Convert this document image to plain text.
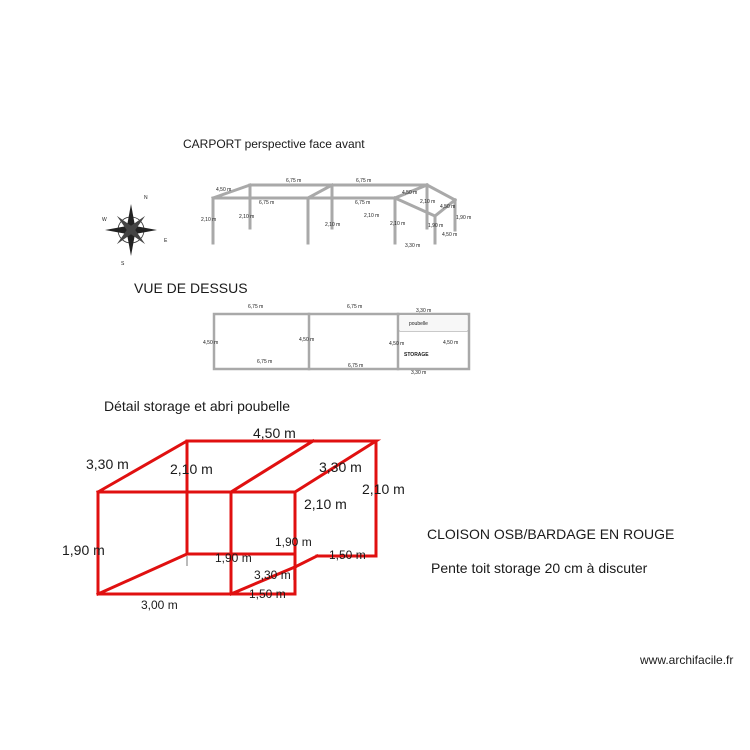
CARPORT perspective face avant
VUE DE DESSUS
Détail storage et abri poubelle
N
E
S
W
4,50 m
6,75 m	6,75 m
4,50 m
6,75 m	6,75 m	2,10 m
4,50 m
2,10 m	2,10 m
2,10 m
2,10 m
2,10 m	1,90 m
1,90 m
4,50 m
3,30 m
6,75 m	6,75 m
3,30 m
4,50 m	4,50 m
4,50 m	4,50 m
6,75 m
6,75 m
3,30 m
poubelle
STORAGE
4,50 m
3,30 m	2,10 m	3,30 m
2,10 m
2,10 m
1,90 m	1,90 m
1,90 m	1,50 m
3,30 m
1,50 m
3,00 m
CLOISON OSB/BARDAGE EN ROUGE
Pente toit storage 20 cm à discuter
www.archifacile.fr
